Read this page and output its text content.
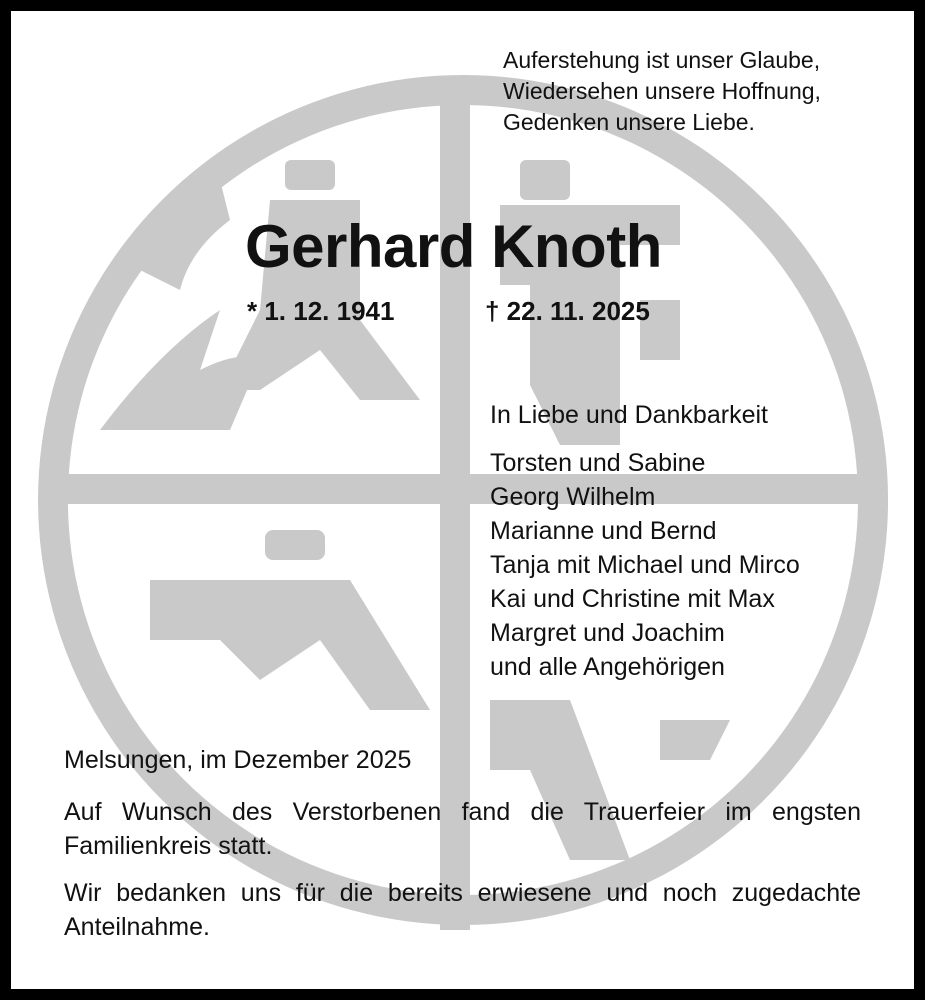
Auferstehung ist unser Glaube,
Wiedersehen unsere Hoffnung,
Gedenken unsere Liebe.
Gerhard Knoth
* 1. 12. 1941	† 22. 11. 2025
In Liebe und Dankbarkeit
Torsten und Sabine
Georg Wilhelm
Marianne und Bernd
Tanja mit Michael und Mirco
Kai und Christine mit Max
Margret und Joachim
und alle Angehörigen
Melsungen, im Dezember 2025
Auf Wunsch des Verstorbenen fand die Trauerfeier im engsten Familienkreis statt.
Wir bedanken uns für die bereits erwiesene und noch zugedachte Anteilnahme.
